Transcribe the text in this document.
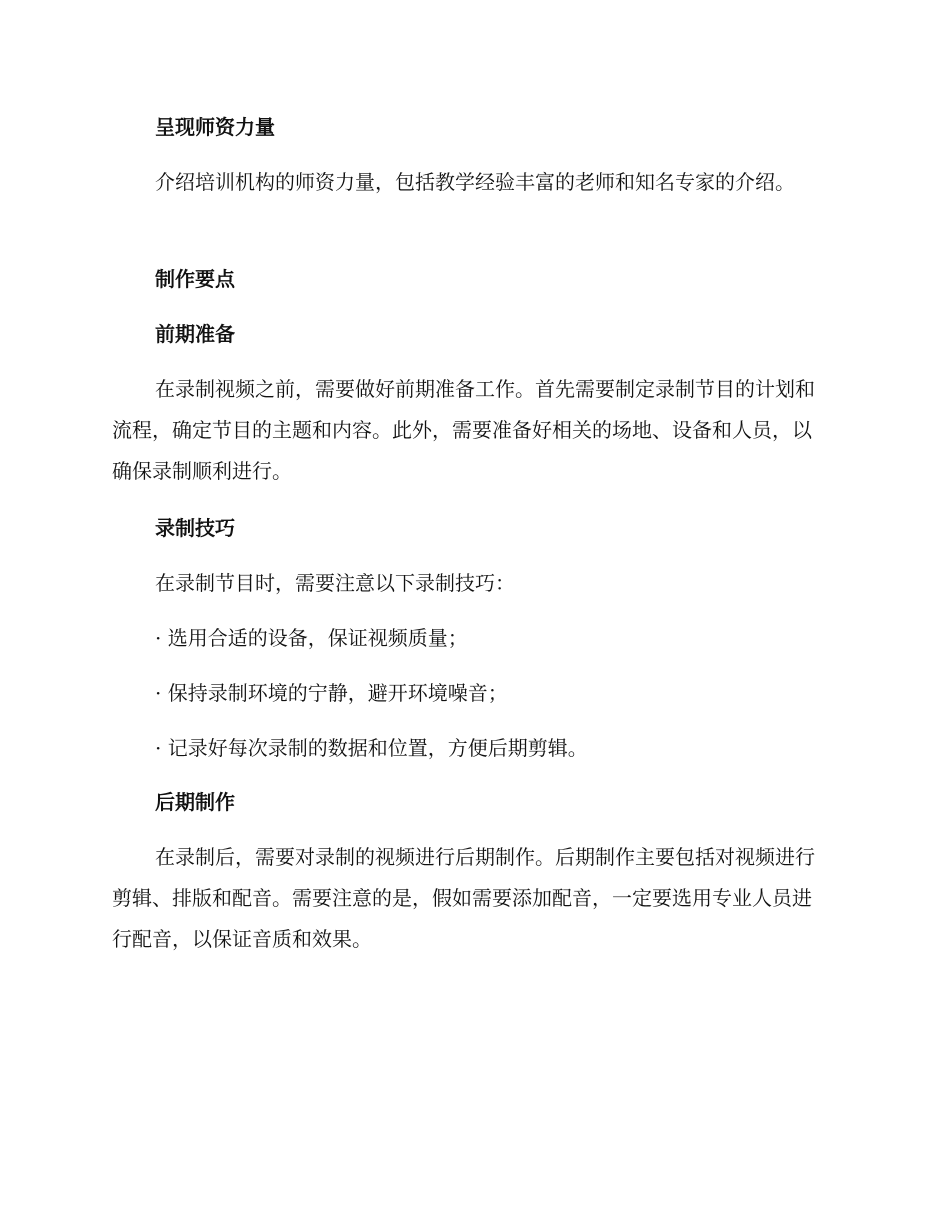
呈现师资力量

介绍培训机构的师资力量，包括教学经验丰富的老师和知名专家的介绍。

制作要点
前期准备

在录制视频之前，需要做好前期准备工作。首先需要制定录制节目的计划和流程，确定节目的主题和内容。此外，需要准备好相关的场地、设备和人员，以确保录制顺利进行。

录制技巧
在录制节目时，需要注意以下录制技巧：
· 选用合适的设备，保证视频质量；
· 保持录制环境的宁静，避开环境噪音；
· 记录好每次录制的数据和位置，方便后期剪辑。
后期制作

在录制后，需要对录制的视频进行后期制作。后期制作主要包括对视频进行剪辑、排版和配音。需要注意的是，假如需要添加配音，一定要选用专业人员进行配音，以保证音质和效果。
